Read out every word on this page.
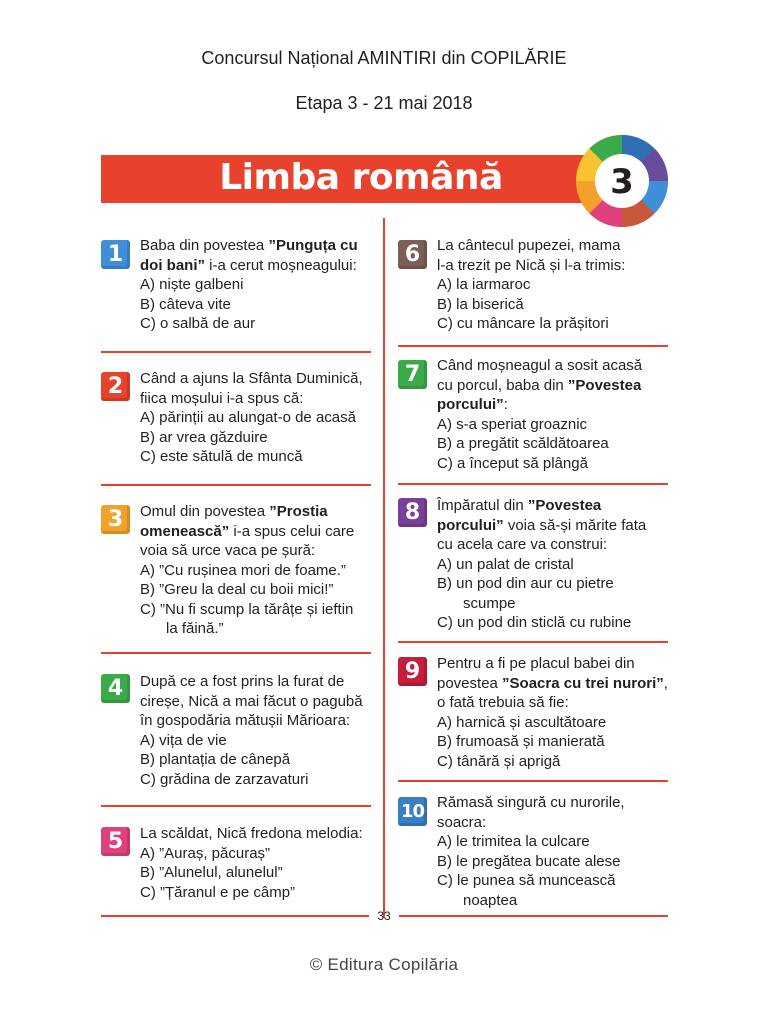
Concursul Național AMINTIRI din COPILĂRIE
Etapa 3 - 21 mai 2018
Limba română	3
1	Baba din povestea ”Punguța cu
doi bani” i-a cerut moșneagului:
A) niște galbeni
B) câteva vite
C) o salbă de aur
2	Când a ajuns la Sfânta Duminică,
fiica moșului i-a spus că:
A) părinții au alungat-o de acasă
B) ar vrea găzduire
C) este sătulă de muncă
3	Omul din povestea ”Prostia
omenească” i-a spus celui care
voia să urce vaca pe șură:
A) ”Cu rușinea mori de foame.”
B) ”Greu la deal cu boii mici!”
C) ”Nu fi scump la tărâțe și ieftin
la făină.”
4	După ce a fost prins la furat de
cireșe, Nică a mai făcut o pagubă
în gospodăria mătușii Mărioara:
A) vița de vie
B) plantația de cânepă
C) grădina de zarzavaturi
5	La scăldat, Nică fredona melodia:
A) ”Auraș, păcuraș”
B) ”Alunelul, alunelul”
C) ”Țăranul e pe câmp”
6	La cântecul pupezei, mama
l-a trezit pe Nică și l-a trimis:
A) la iarmaroc
B) la biserică
C) cu mâncare la prășitori
7	Când moșneagul a sosit acasă
cu porcul, baba din ”Povestea
porcului”:
A) s-a speriat groaznic
B) a pregătit scăldătoarea
C) a început să plângă
8	Împăratul din ”Povestea
porcului” voia să-și mărite fata
cu acela care va construi:
A) un palat de cristal
B) un pod din aur cu pietre
scumpe
C) un pod din sticlă cu rubine
9	Pentru a fi pe placul babei din
povestea ”Soacra cu trei nurori”,
o fată trebuia să fie:
A) harnică și ascultătoare
B) frumoasă și manierată
C) tânără și aprigă
10 Rămasă singură cu nurorile,
soacra:
A) le trimitea la culcare
B) le pregătea bucate alese
C) le punea să muncească
noaptea
33
© Editura Copilăria
